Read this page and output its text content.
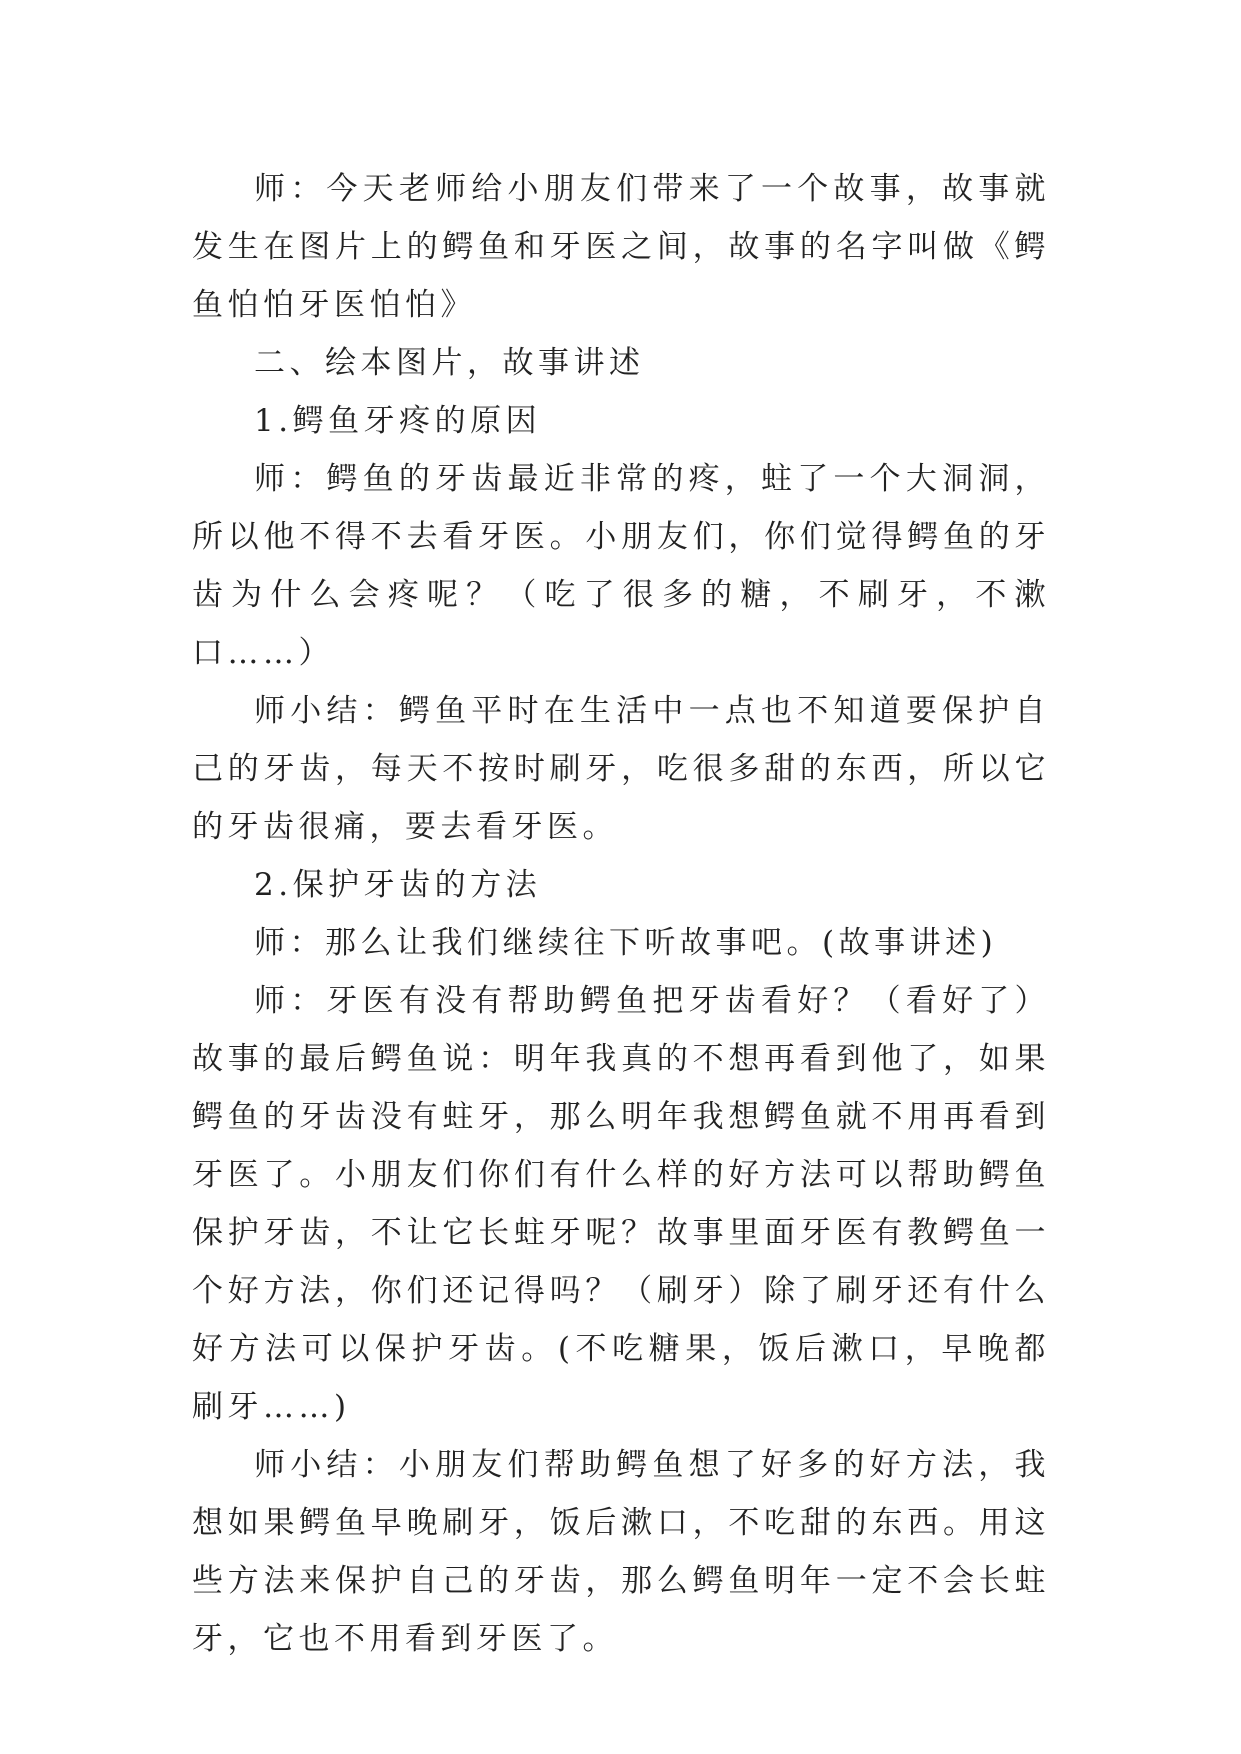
师：今天老师给小朋友们带来了一个故事，故事就发生在图片上的鳄鱼和牙医之间，故事的名字叫做《鳄鱼怕怕牙医怕怕》

二、绘本图片，故事讲述

1.鳄鱼牙疼的原因

师：鳄鱼的牙齿最近非常的疼，蛀了一个大洞洞，所以他不得不去看牙医。小朋友们，你们觉得鳄鱼的牙齿为什么会疼呢？（吃了很多的糖，不刷牙，不漱口……）

师小结：鳄鱼平时在生活中一点也不知道要保护自己的牙齿，每天不按时刷牙，吃很多甜的东西，所以它的牙齿很痛，要去看牙医。

2.保护牙齿的方法

师：那么让我们继续往下听故事吧。(故事讲述)

师：牙医有没有帮助鳄鱼把牙齿看好？（看好了）故事的最后鳄鱼说：明年我真的不想再看到他了，如果鳄鱼的牙齿没有蛀牙，那么明年我想鳄鱼就不用再看到牙医了。小朋友们你们有什么样的好方法可以帮助鳄鱼保护牙齿，不让它长蛀牙呢？故事里面牙医有教鳄鱼一个好方法，你们还记得吗？（刷牙）除了刷牙还有什么好方法可以保护牙齿。(不吃糖果，饭后漱口，早晚都刷牙……)

师小结：小朋友们帮助鳄鱼想了好多的好方法，我想如果鳄鱼早晚刷牙，饭后漱口，不吃甜的东西。用这些方法来保护自己的牙齿，那么鳄鱼明年一定不会长蛀牙，它也不用看到牙医了。
